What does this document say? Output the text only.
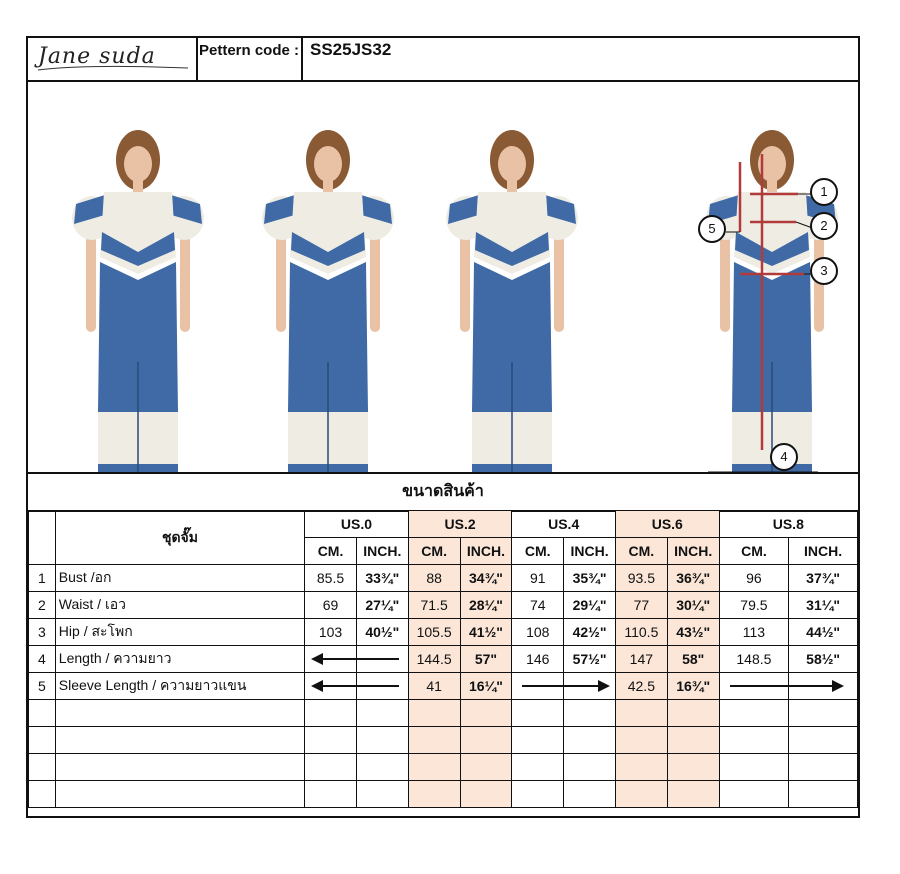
Jane suda	Pettern code : SS25JS32
1
2
3
4
5
ขนาดสินค้า
	ชุดจั๊ม	US.0		US.2		US.4		US.6		US.8	
		CM.	INCH.	CM.	INCH.	CM.	INCH.	CM.	INCH.	CM.	INCH.
1	Bust /อก	85.5	33¾"	88	34¾"	91	35¾"	93.5	36¾"	96	37¾"
2	Waist / เอว	69	27¼"	71.5	28¼"	74	29¼"	77	30¼"	79.5	31¼"
3	Hip / สะโพก	103	40½"	105.5	41½"	108	42½"	110.5	43½"	113	44½"
4	Length / ความยาว			144.5	57"	146	57½"	147	58"	148.5	58½"
5	Sleeve Length / ความยาวแขน			41	16¼"			42.5	16¾"	
